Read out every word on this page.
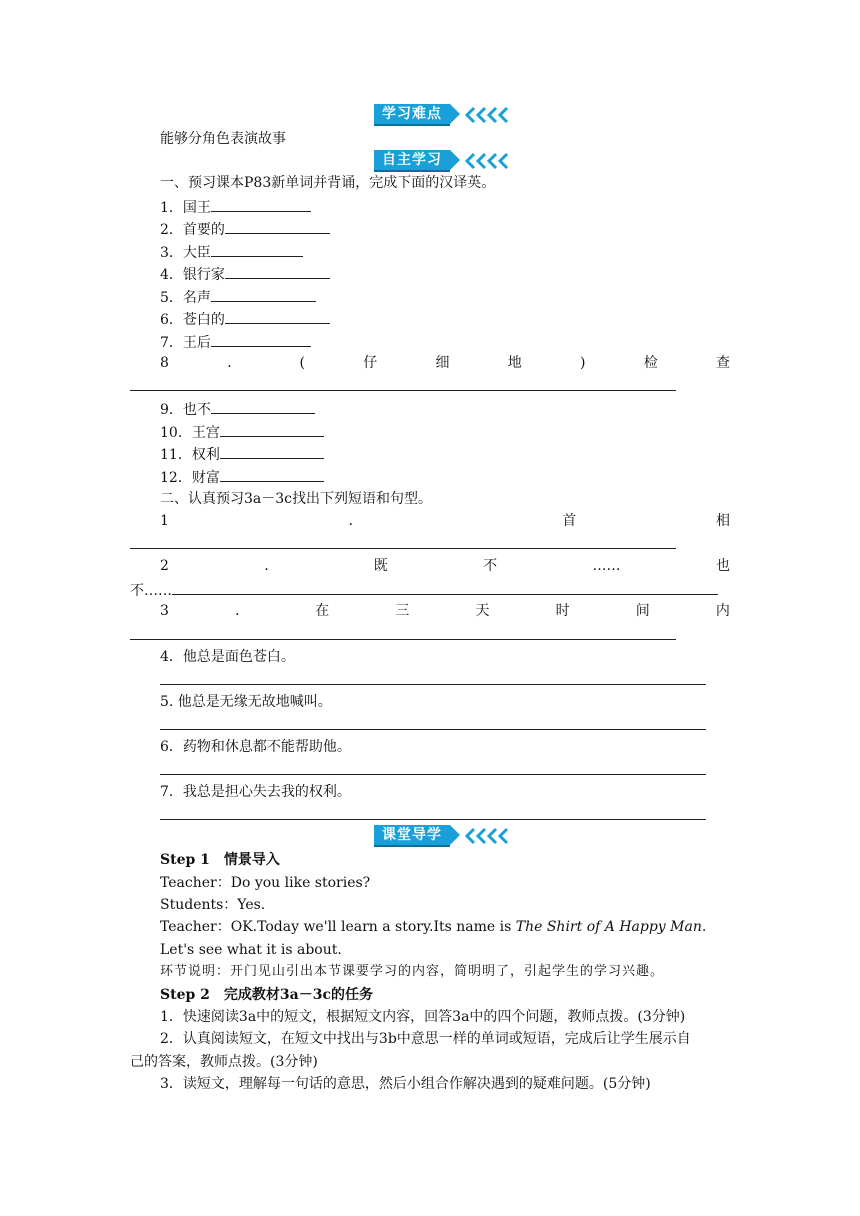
学习难点
能够分角色表演故事
自主学习
一、预习课本P83新单词并背诵，完成下面的汉译英。
1．国王
2．首要的
3．大臣
4．银行家
5．名声
6．苍白的
7．王后
8	．	(	仔	细	地	)	检	查
9．也不
10．王宫
11．权利
12．财富
二、认真预习3a－3c找出下列短语和句型。
1	．	首	相
2	．	既	不	……	也
不……
3	．	在	三	天	时	间	内
4．他总是面色苍白。
5. 他总是无缘无故地喊叫。
6．药物和休息都不能帮助他。
7．我总是担心失去我的权利。
课堂导学
Step 1　情景导入
Teacher：Do you like stories?
Students：Yes.
Teacher：OK.Today we'll learn a story.Its name is The Shirt of A Happy Man.
Let's see what it is about.
环节说明：开门见山引出本节课要学习的内容，简明明了，引起学生的学习兴趣。
Step 2　完成教材3a－3c的任务
1．快速阅读3a中的短文，根据短文内容，回答3a中的四个问题，教师点拨。(3分钟)
2．认真阅读短文，在短文中找出与3b中意思一样的单词或短语，完成后让学生展示自
己的答案，教师点拨。(3分钟)
3．读短文，理解每一句话的意思，然后小组合作解决遇到的疑难问题。(5分钟)
